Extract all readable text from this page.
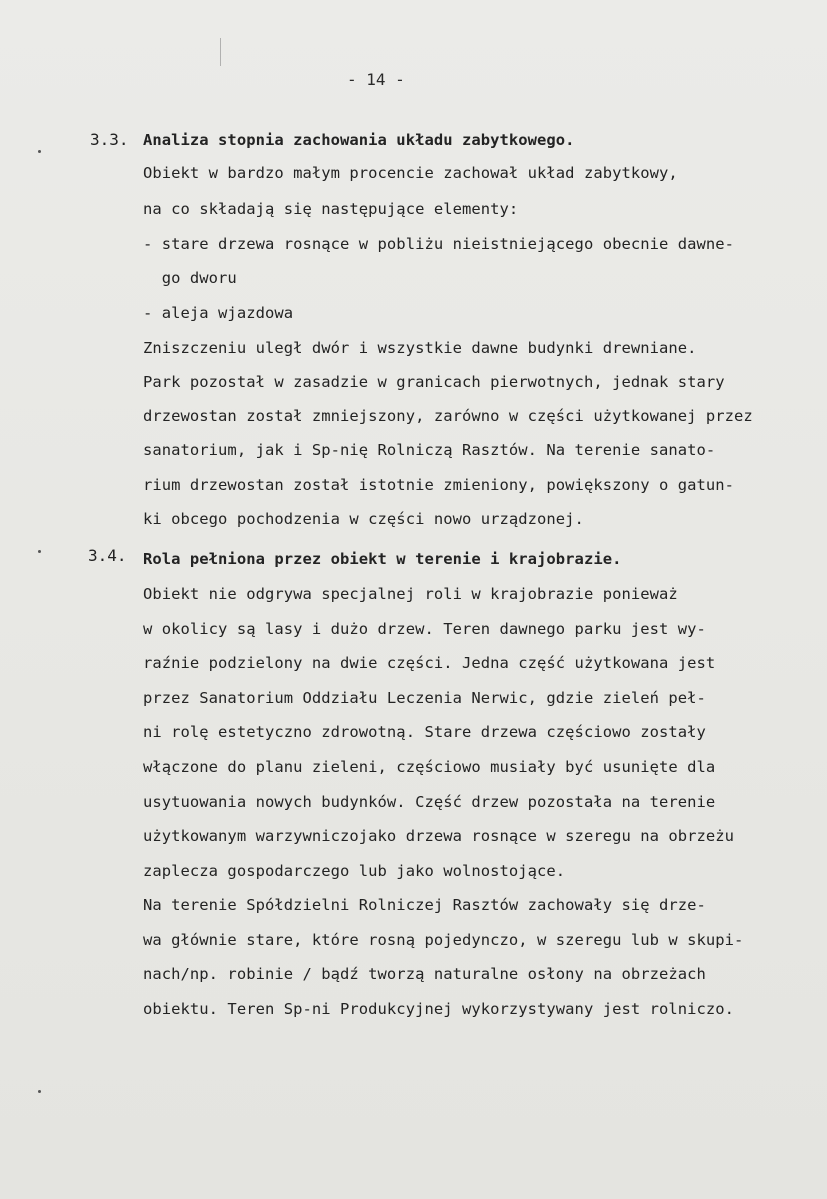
- 14 -
3.3. Analiza stopnia zachowania układu zabytkowego.
Obiekt w bardzo małym procencie zachował układ zabytkowy,
na co składają się następujące elementy:
- stare drzewa rosnące w pobliżu nieistniejącego obecnie dawne-
go dworu
- aleja wjazdowa
Zniszczeniu uległ dwór i wszystkie dawne budynki drewniane.
Park pozostał w zasadzie w granicach pierwotnych, jednak stary
drzewostan został zmniejszony, zarówno w części użytkowanej przez
sanatorium, jak i Sp-nię Rolniczą Rasztów. Na terenie sanato-
rium drzewostan został istotnie zmieniony, powiększony o gatun-
ki obcego pochodzenia w części nowo urządzonej.
3.4. Rola pełniona przez obiekt w terenie i krajobrazie.
Obiekt nie odgrywa specjalnej roli w krajobrazie ponieważ
w okolicy są lasy i dużo drzew. Teren dawnego parku jest wy-
raźnie podzielony na dwie części. Jedna część użytkowana jest
przez Sanatorium Oddziału Leczenia Nerwic, gdzie zieleń peł-
ni rolę estetyczno zdrowotną. Stare drzewa częściowo zostały
włączone do planu zieleni, częściowo musiały być usunięte dla
usytuowania nowych budynków. Część drzew pozostała na terenie
użytkowanym warzywniczojako drzewa rosnące w szeregu na obrzeżu
zaplecza gospodarczego lub jako wolnostojące.
Na terenie Spółdzielni Rolniczej Rasztów zachowały się drze-
wa głównie stare, które rosną pojedynczo, w szeregu lub w skupi-
nach/np. robinie / bądź tworzą naturalne osłony na obrzeżach
obiektu. Teren Sp-ni Produkcyjnej wykorzystywany jest rolniczo.
